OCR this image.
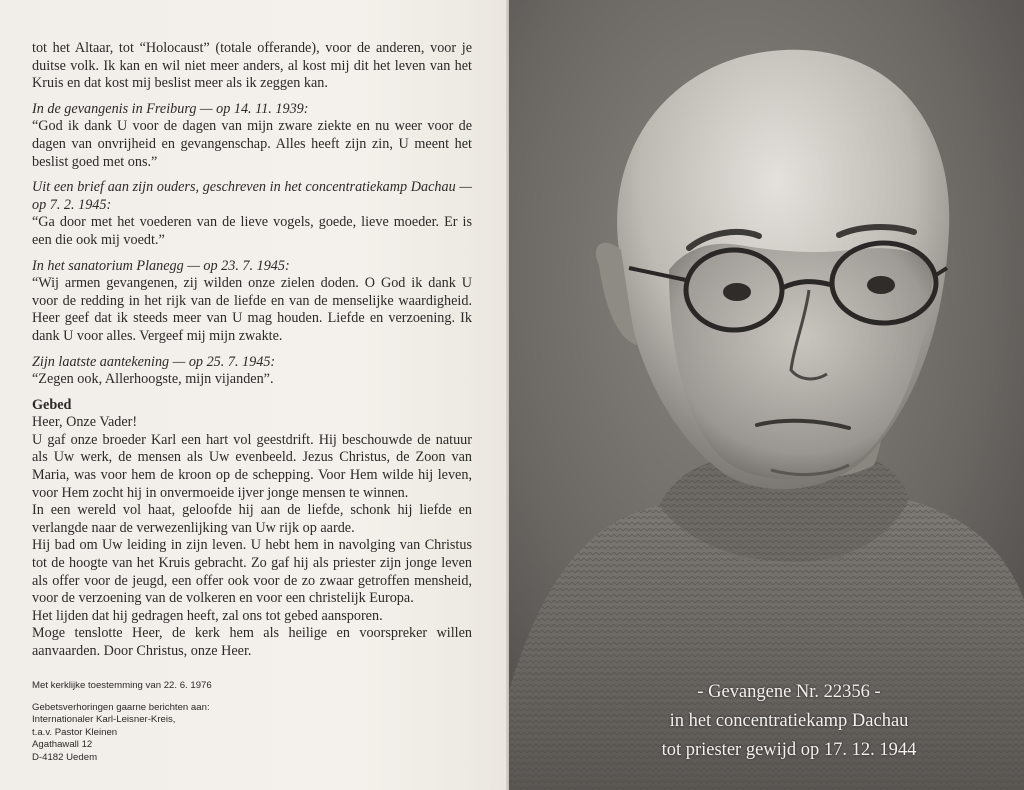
tot het Altaar, tot “Holocaust” (totale offerande), voor de anderen, voor je duitse volk. Ik kan en wil niet meer anders, al kost mij dit het leven van het Kruis en dat kost mij beslist meer als ik zeggen kan.

In de gevangenis in Freiburg — op 14. 11. 1939:

“God ik dank U voor de dagen van mijn zware ziekte en nu weer voor de dagen van onvrijheid en gevangenschap. Alles heeft zijn zin, U meent het beslist goed met ons.”

Uit een brief aan zijn ouders, geschreven in het concentratiekamp Dachau — op 7. 2. 1945:

“Ga door met het voederen van de lieve vogels, goede, lieve moeder. Er is een die ook mij voedt.”

In het sanatorium Planegg — op 23. 7. 1945:

“Wij armen gevangenen, zij wilden onze zielen doden. O God ik dank U voor de redding in het rijk van de liefde en van de menselijke waardigheid. Heer geef dat ik steeds meer van U mag houden. Liefde en verzoening. Ik dank U voor alles. Vergeef mij mijn zwakte.

Zijn laatste aantekening — op 25. 7. 1945:

“Zegen ook, Allerhoogste, mijn vijanden”.

Gebed

Heer, Onze Vader!

U gaf onze broeder Karl een hart vol geestdrift. Hij beschouwde de natuur als Uw werk, de mensen als Uw evenbeeld. Jezus Christus, de Zoon van Maria, was voor hem de kroon op de schepping. Voor Hem wilde hij leven, voor Hem zocht hij in onvermoeide ijver jonge mensen te winnen.

In een wereld vol haat, geloofde hij aan de liefde, schonk hij liefde en verlangde naar de verwezenlijking van Uw rijk op aarde.

Hij bad om Uw leiding in zijn leven. U hebt hem in navolging van Christus tot de hoogte van het Kruis gebracht. Zo gaf hij als priester zijn jonge leven als offer voor de jeugd, een offer ook voor de zo zwaar getroffen mensheid, voor de verzoening van de volkeren en voor een christelijk Europa.

Het lijden dat hij gedragen heeft, zal ons tot gebed aansporen.

Moge tenslotte Heer, de kerk hem als heilige en voorspreker willen aanvaarden. Door Christus, onze Heer.

Met kerklijke toestemming van 22. 6. 1976
Gebetsverhoringen gaarne berichten aan:
Internationaler Karl-Leisner-Kreis,
t.a.v. Pastor Kleinen
Agathawall 12
D-4182 Uedem
- Gevangene Nr. 22356 -
in het concentratiekamp Dachau
tot priester gewijd op 17. 12. 1944
